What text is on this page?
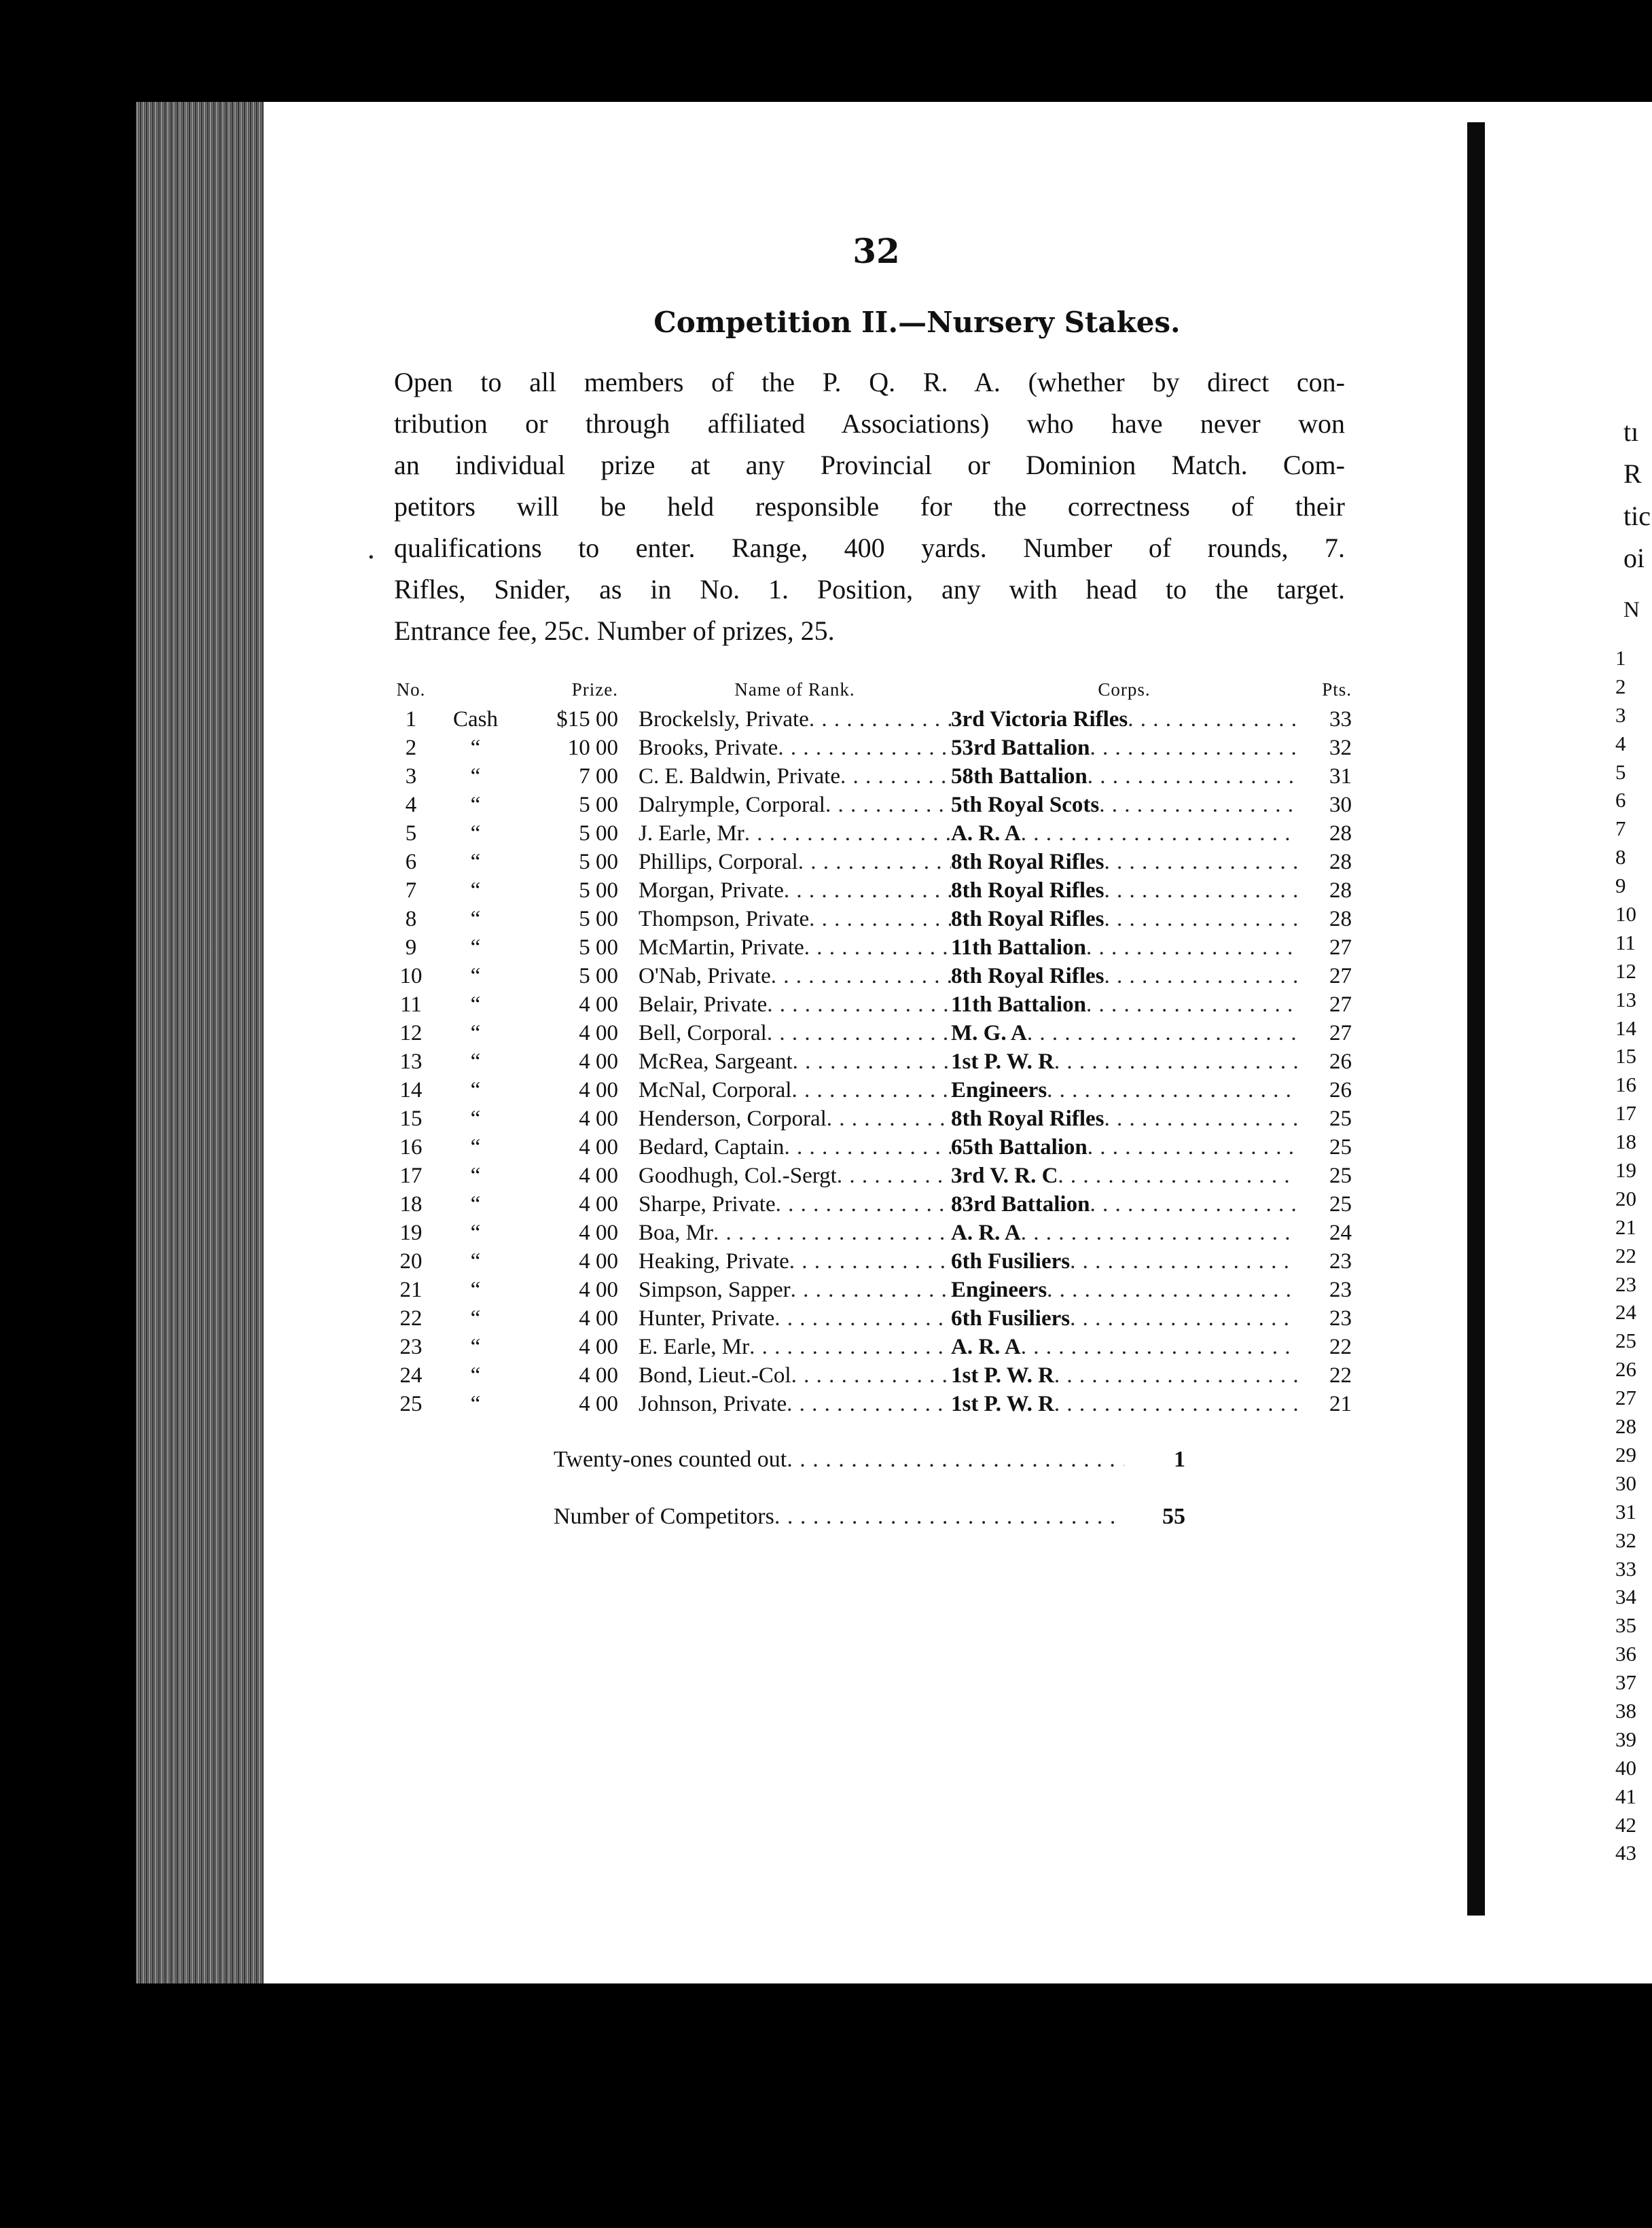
32
Competition II.—Nursery Stakes.
·
Open to all members of the P. Q. R. A. (whether by direct con-
tribution or through affiliated Associations) who have never won
an individual prize at any Provincial or Dominion Match. Com-
petitors will be held responsible for the correctness of their
qualifications to enter. Range, 400 yards. Number of rounds, 7.
Rifles, Snider, as in No. 1. Position, any with head to the target.
Entrance fee, 25c. Number of prizes, 25.
No.	Prize.	Name of Rank.	Corps.	Pts.
1	Cash	$15 00 Brockelsly, Private . . .	3rd Victoria Rifles . . .	33
2	“	10 00 Brooks, Private . . .	53rd Battalion . . .	32
3	“	7 00 C. E. Baldwin, Private . . .	58th Battalion . . .	31
4	“	5 00 Dalrymple, Corporal . . .	5th Royal Scots . . .	30
5	“	5 00 J. Earle, Mr . . .	A. R. A . . .	28
6	“	5 00 Phillips, Corporal . . .	8th Royal Rifles . . .	28
7	“	5 00 Morgan, Private . . .	8th Royal Rifles . . .	28
8	“	5 00 Thompson, Private . . .	8th Royal Rifles . . .	28
9	“	5 00 McMartin, Private . . .	11th Battalion . . .	27
10	“	5 00 O'Nab, Private . . .	8th Royal Rifles . . .	27
11	“	4 00 Belair, Private . . .	11th Battalion . . .	27
12	“	4 00 Bell, Corporal . . .	M. G. A . . .	27
13	“	4 00 McRea, Sargeant . . .	1st P. W. R . . .	26
14	“	4 00 McNal, Corporal . . .	Engineers . . .	26
15	“	4 00 Henderson, Corporal . . .	8th Royal Rifles . . .	25
16	“	4 00 Bedard, Captain . . .	65th Battalion . . .	25
17	“	4 00 Goodhugh, Col.-Sergt . . .	3rd V. R. C . . .	25
18	“	4 00 Sharpe, Private . . .	83rd Battalion . . .	25
19	“	4 00 Boa, Mr . . .	A. R. A . . .	24
20	“	4 00 Heaking, Private . . .	6th Fusiliers . . .	23
21	“	4 00 Simpson, Sapper . . .	Engineers . . .	23
22	“	4 00 Hunter, Private . . .	6th Fusiliers . . .	23
23	“	4 00 E. Earle, Mr . . .	A. R. A . . .	22
24	“	4 00 Bond, Lieut.-Col . . .	1st P. W. R . . .	22
25	“	4 00 Johnson, Private . . .	1st P. W. R . . .	21
Twenty-ones counted out . . .	1
Number of Competitors . . .	55
tı
R
tic
oi
N
1
2
3
4
5
6
7
8
9
10
11
12
13
14
15
16
17
18
19
20
21
22
23
24
25
26
27
28
29
30
31
32
33
34
35
36
37
38
39
40
41
42
43
